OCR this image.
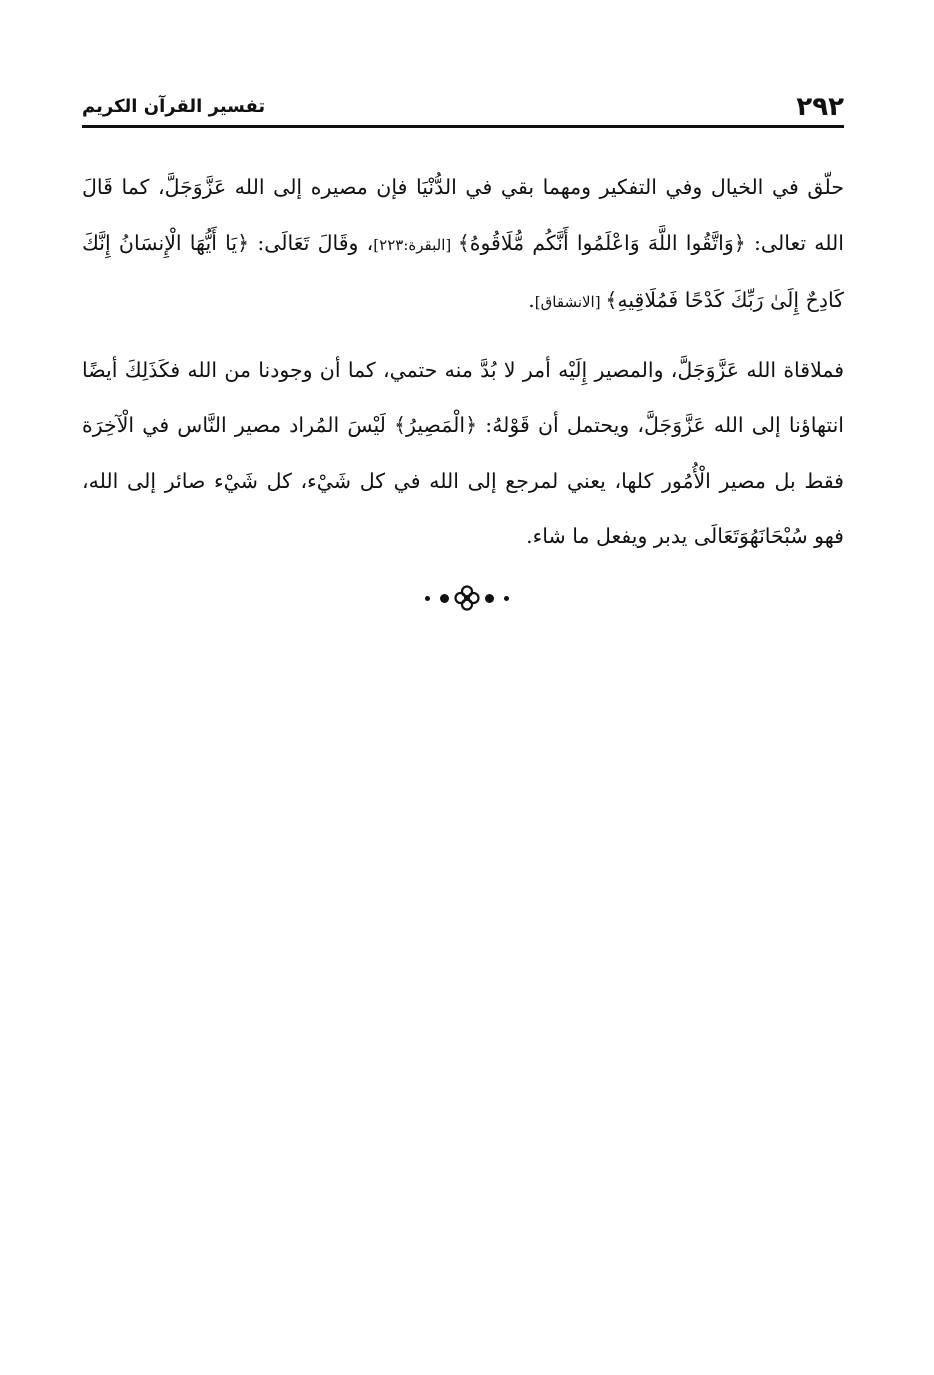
٢٩٢
تفسير القرآن الكريم

حلّق في الخيال وفي التفكير ومهما بقي في الدُّنْيَا فإن مصيره إلى الله عَزَّوَجَلَّ، كما قَالَ الله تعالى: ﴿وَاتَّقُوا اللَّهَ وَاعْلَمُوا أَنَّكُم مُّلَاقُوهُ﴾ [البقرة:٢٢٣]، وقَالَ تَعَالَى: ﴿يَا أَيُّهَا الْإِنسَانُ إِنَّكَ كَادِحٌ إِلَىٰ رَبِّكَ كَدْحًا فَمُلَاقِيهِ﴾ [الانشقاق].

فملاقاة الله عَزَّوَجَلَّ، والمصير إِلَيْه أمر لا بُدَّ منه حتمي، كما أن وجودنا من الله فكَذَلِكَ أيضًا انتهاؤنا إلى الله عَزَّوَجَلَّ، ويحتمل أن قَوْلهُ: ﴿الْمَصِيرُ﴾ لَيْسَ المُراد مصير النَّاس في الْآخِرَة فقط بل مصير الْأُمُور كلها، يعني لمرجع إلى الله في كل شَيْء، كل شَيْء صائر إلى الله، فهو سُبْحَانَهُوَتَعَالَى يدبر ويفعل ما شاء.
